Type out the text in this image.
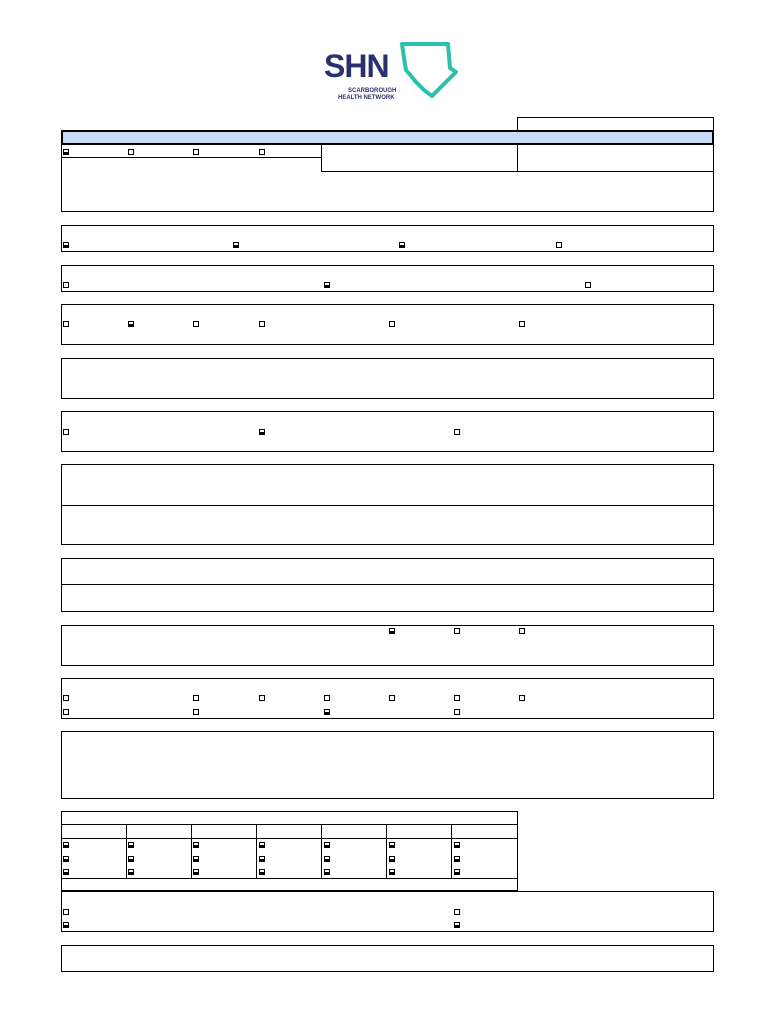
SHN
SCARBOROUGH
HEALTH NETWORK
